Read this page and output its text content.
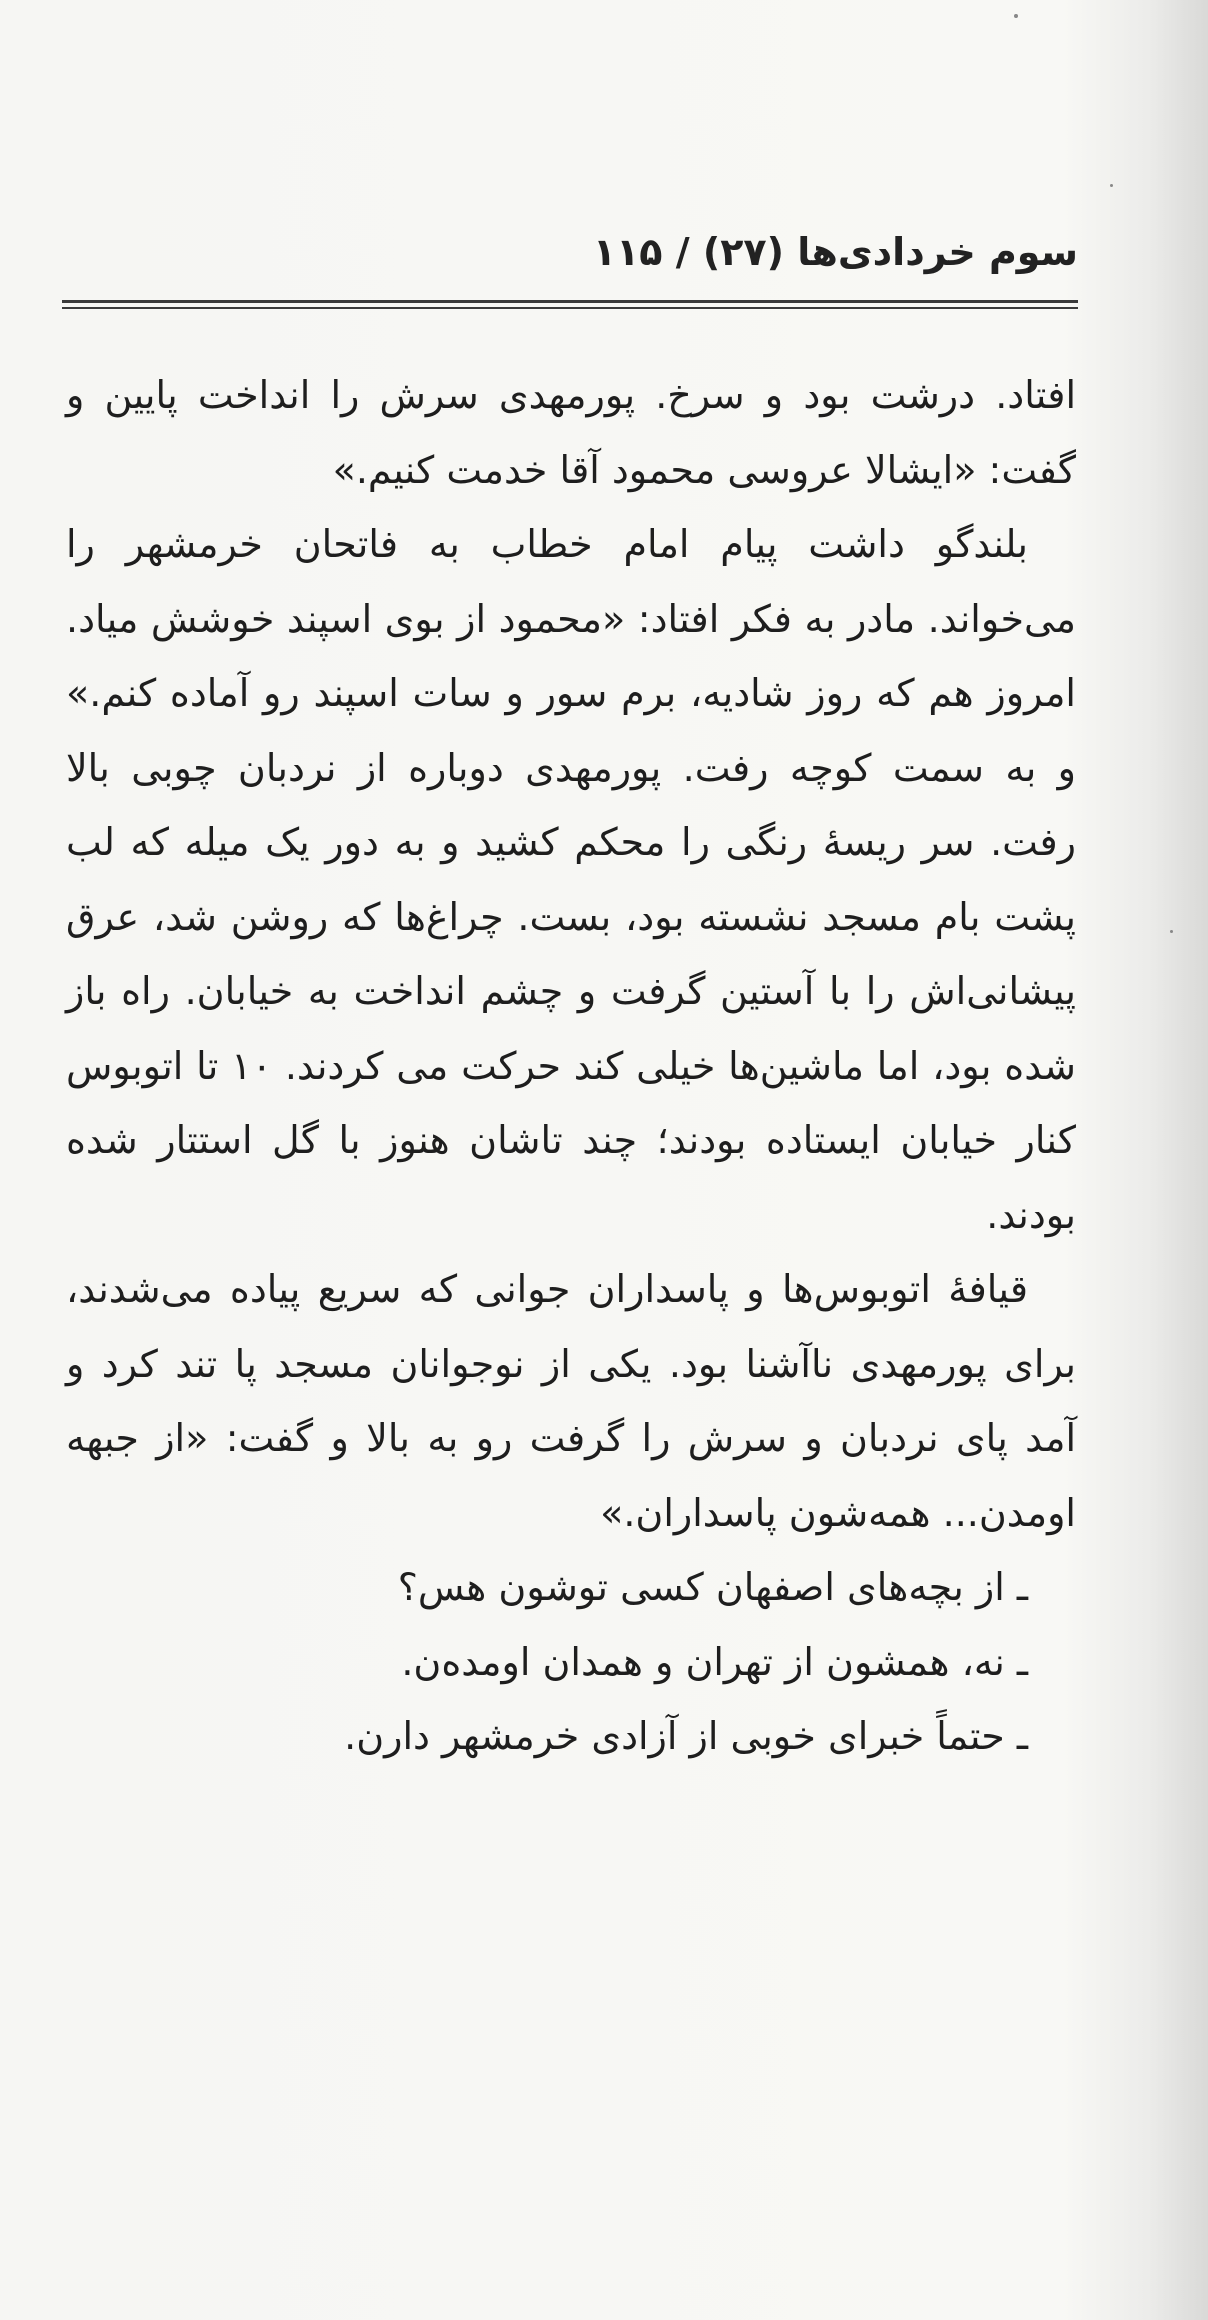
سوم خردادی‌ها (۲۷) / ۱۱۵

افتاد. درشت بود و سرخ. پورمهدی سرش را انداخت پایین و گفت: «ایشالا عروسی محمود آقا خدمت کنیم.»

بلندگو داشت پیام امام خطاب به فاتحان خرمشهر را می‌خواند. مادر به فکر افتاد: «محمود از بوی اسپند خوشش میاد. امروز هم که روز شادیه، برم سور و سات اسپند رو آماده کنم.» و به سمت کوچه رفت. پورمهدی دوباره از نردبان چوبی بالا رفت. سر ریسهٔ رنگی را محکم کشید و به دور یک میله که لب پشت بام مسجد نشسته بود، بست. چراغ‌ها که روشن شد، عرق پیشانی‌اش را با آستین گرفت و چشم انداخت به خیابان. راه باز شده بود، اما ماشین‌ها خیلی کند حرکت می کردند. ۱۰ تا اتوبوس کنار خیابان ایستاده بودند؛ چند تاشان هنوز با گل استتار شده بودند.

قیافهٔ اتوبوس‌ها و پاسداران جوانی که سریع پیاده می‌شدند، برای پورمهدی ناآشنا بود. یکی از نوجوانان مسجد پا تند کرد و آمد پای نردبان و سرش را گرفت رو به بالا و گفت: «از جبهه اومدن... همه‌شون پاسداران.»

ـ از بچه‌های اصفهان کسی توشون هس؟

ـ نه، همشون از تهران و همدان اومده‌ن.

ـ حتماً خبرای خوبی از آزادی خرمشهر دارن.
